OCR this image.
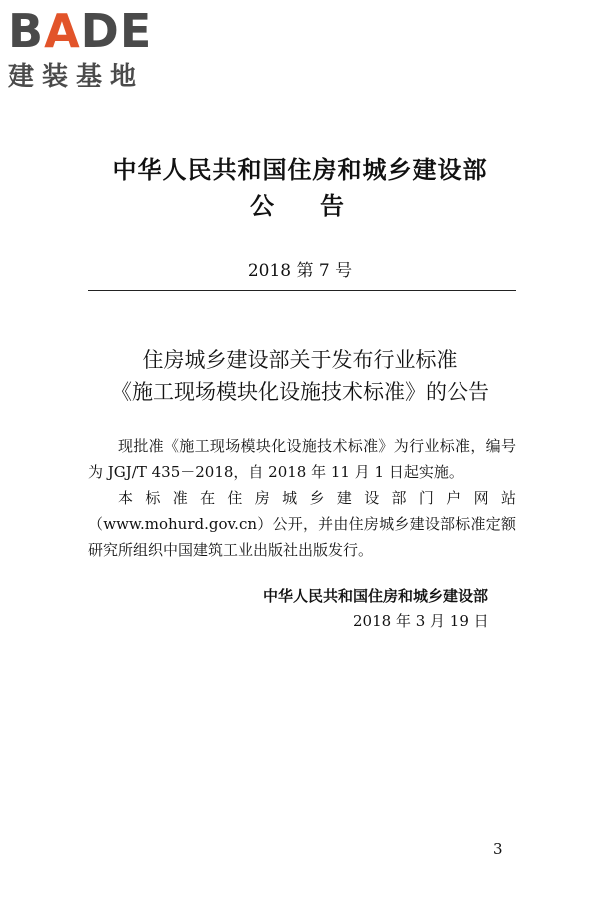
BADE
建装基地
中华人民共和国住房和城乡建设部
公告
2018 第 7 号
住房城乡建设部关于发布行业标准
《施工现场模块化设施技术标准》的公告

现批准《施工现场模块化设施技术标准》为行业标准，编号为 JGJ/T 435－2018，自 2018 年 11 月 1 日起实施。

本标准在住房城乡建设部门户网站（www.mohurd.gov.cn）公开，并由住房城乡建设部标准定额研究所组织中国建筑工业出版社出版发行。

中华人民共和国住房和城乡建设部
2018 年 3 月 19 日
3
